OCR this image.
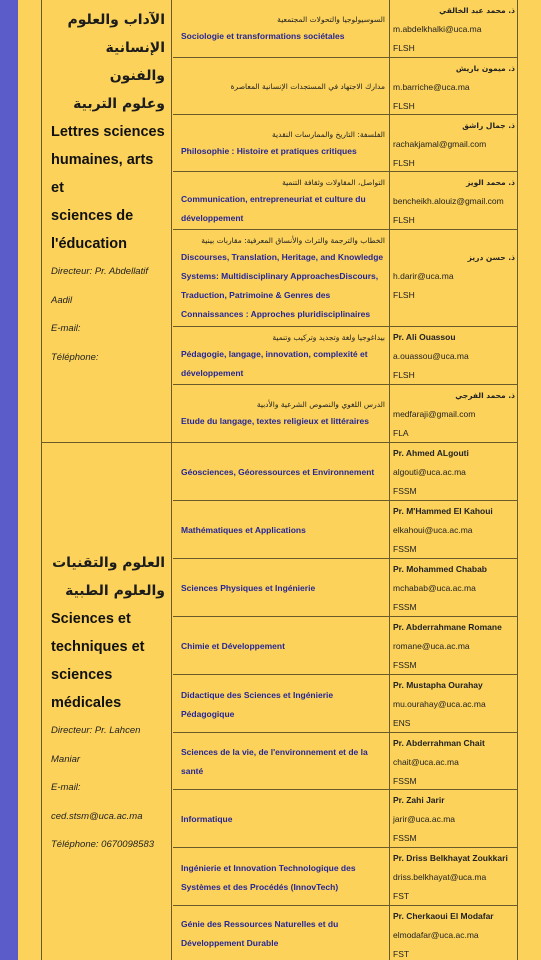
الآداب والعلوم
الإنسانية والفنون
وعلوم التربية
Lettres sciences
humaines, arts et
sciences de
l'éducation
Directeur: Pr. Abdellatif
Aadil
E-mail:
Téléphone:
السوسيولوجيا والتحولات المجتمعية
Sociologie et transformations sociétales
ذ. محمد عبد الخالقي
m.abdelkhalki@uca.ma
FLSH
مدارك الاجتهاد في المستجدات الإنسانية المعاصرة
ذ. ميمون باريش
m.barriche@uca.ma
FLSH
الفلسفة: التاريخ والممارسات النقدية
Philosophie : Histoire et pratiques critiques
ذ. جمال راشق
rachakjamal@gmail.com
FLSH
التواصل، المقاولات وثقافة التنمية
Communication, entrepreneuriat et culture du développement
ذ. محمد الويز
bencheikh.alouiz@gmail.com
FLSH
الخطاب والترجمة والتراث والأنساق المعرفية: مقاربات بينية
Discourses, Translation, Heritage, and Knowledge Systems: Multidisciplinary ApproachesDiscours, Traduction, Patrimoine & Genres des Connaissances : Approches pluridisciplinaires
ذ. حسن دريز
h.darir@uca.ma
FLSH
بيداغوجيا ولغة وتجديد وتركيب وتنمية
Pédagogie, langage, innovation, complexité et développement
Pr. Ali Ouassou
a.ouassou@uca.ma
FLSH
الدرس اللغوي والنصوص الشرعية والأدبية
Etude du langage, textes religieux et littéraires
ذ. محمد الفرجي
medfaraji@gmail.com
FLA
العلوم والتقنيات
والعلوم الطبية
Sciences et
techniques et
sciences
médicales
Directeur: Pr. Lahcen
Maniar
E-mail:
ced.stsm@uca.ac.ma
Téléphone: 0670098583
Géosciences, Géoressources et Environnement
Pr. Ahmed ALgouti
algouti@uca.ac.ma
FSSM
Mathématiques et Applications
Pr. M'Hammed El Kahoui
elkahoui@uca.ac.ma
FSSM
Sciences Physiques et Ingénierie
Pr. Mohammed Chabab
mchabab@uca.ac.ma
FSSM
Chimie et Développement
Pr. Abderrahmane Romane
romane@uca.ac.ma
FSSM
Didactique des Sciences et Ingénierie Pédagogique
Pr. Mustapha Ourahay
mu.ourahay@uca.ac.ma
ENS
Sciences de la vie, de l'environnement et de la santé
Pr. Abderrahman Chait
chait@uca.ac.ma
FSSM
Informatique
Pr. Zahi Jarir
jarir@uca.ac.ma
FSSM
Ingénierie et Innovation Technologique des Systèmes et des Procédés (InnovTech)
Pr. Driss Belkhayat Zoukkari
driss.belkhayat@uca.ma
FST
Génie des Ressources Naturelles et du Développement Durable
Pr. Cherkaoui El Modafar
elmodafar@uca.ac.ma
FST
